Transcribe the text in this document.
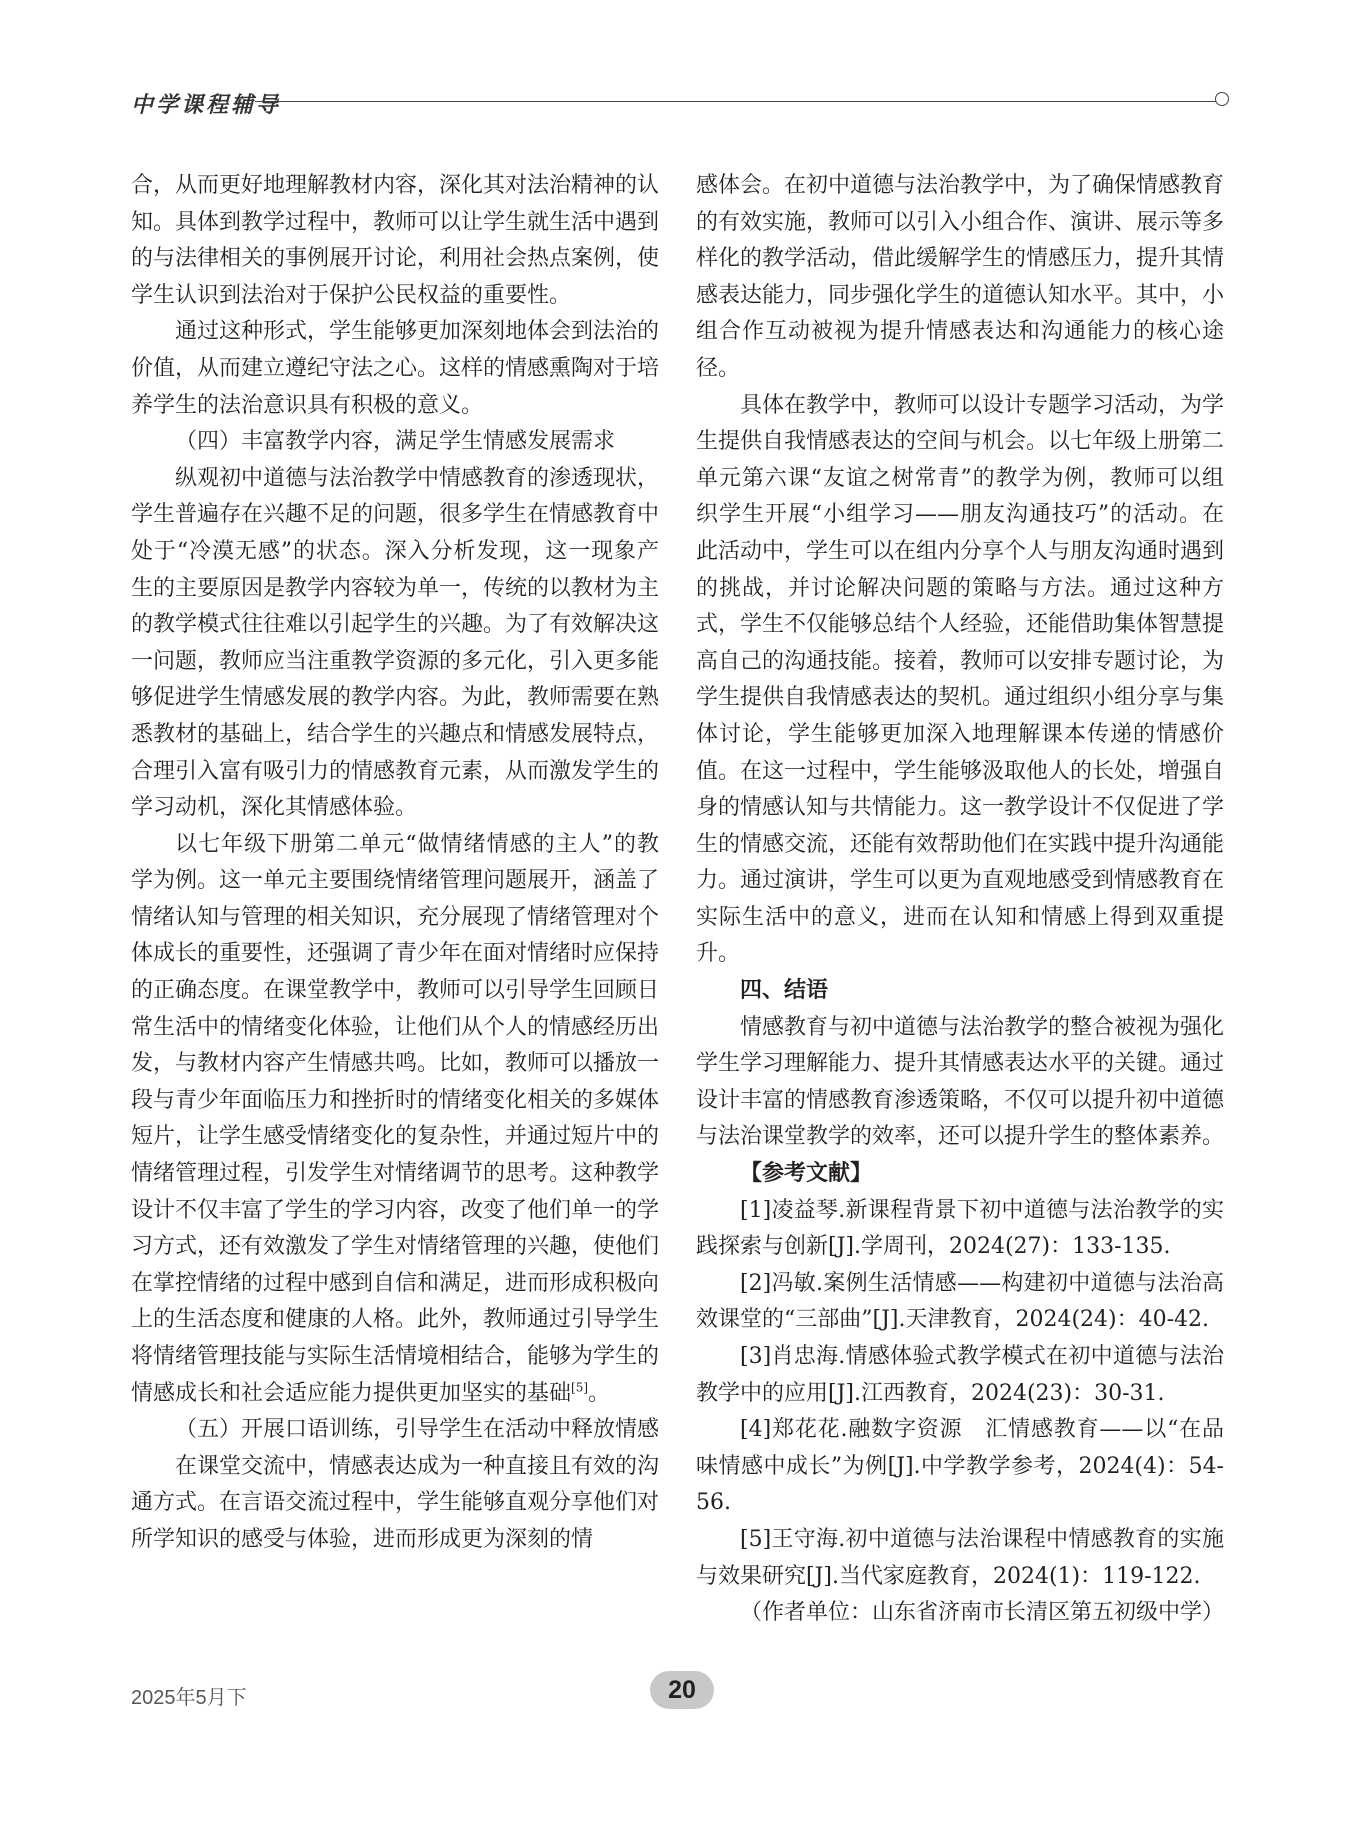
中学课程辅导

合，从而更好地理解教材内容，深化其对法治精神的认知。具体到教学过程中，教师可以让学生就生活中遇到的与法律相关的事例展开讨论，利用社会热点案例，使学生认识到法治对于保护公民权益的重要性。

通过这种形式，学生能够更加深刻地体会到法治的价值，从而建立遵纪守法之心。这样的情感熏陶对于培养学生的法治意识具有积极的意义。

（四）丰富教学内容，满足学生情感发展需求

纵观初中道德与法治教学中情感教育的渗透现状，学生普遍存在兴趣不足的问题，很多学生在情感教育中处于“冷漠无感”的状态。深入分析发现，这一现象产生的主要原因是教学内容较为单一，传统的以教材为主的教学模式往往难以引起学生的兴趣。为了有效解决这一问题，教师应当注重教学资源的多元化，引入更多能够促进学生情感发展的教学内容。为此，教师需要在熟悉教材的基础上，结合学生的兴趣点和情感发展特点，合理引入富有吸引力的情感教育元素，从而激发学生的学习动机，深化其情感体验。

以七年级下册第二单元“做情绪情感的主人”的教学为例。这一单元主要围绕情绪管理问题展开，涵盖了情绪认知与管理的相关知识，充分展现了情绪管理对个体成长的重要性，还强调了青少年在面对情绪时应保持的正确态度。在课堂教学中，教师可以引导学生回顾日常生活中的情绪变化体验，让他们从个人的情感经历出发，与教材内容产生情感共鸣。比如，教师可以播放一段与青少年面临压力和挫折时的情绪变化相关的多媒体短片，让学生感受情绪变化的复杂性，并通过短片中的情绪管理过程，引发学生对情绪调节的思考。这种教学设计不仅丰富了学生的学习内容，改变了他们单一的学习方式，还有效激发了学生对情绪管理的兴趣，使他们在掌控情绪的过程中感到自信和满足，进而形成积极向上的生活态度和健康的人格。此外，教师通过引导学生将情绪管理技能与实际生活情境相结合，能够为学生的情感成长和社会适应能力提供更加坚实的基础[5]。

（五）开展口语训练，引导学生在活动中释放情感

在课堂交流中，情感表达成为一种直接且有效的沟通方式。在言语交流过程中，学生能够直观分享他们对所学知识的感受与体验，进而形成更为深刻的情

感体会。在初中道德与法治教学中，为了确保情感教育的有效实施，教师可以引入小组合作、演讲、展示等多样化的教学活动，借此缓解学生的情感压力，提升其情感表达能力，同步强化学生的道德认知水平。其中，小组合作互动被视为提升情感表达和沟通能力的核心途径。

具体在教学中，教师可以设计专题学习活动，为学生提供自我情感表达的空间与机会。以七年级上册第二单元第六课“友谊之树常青”的教学为例，教师可以组织学生开展“小组学习——朋友沟通技巧”的活动。在此活动中，学生可以在组内分享个人与朋友沟通时遇到的挑战，并讨论解决问题的策略与方法。通过这种方式，学生不仅能够总结个人经验，还能借助集体智慧提高自己的沟通技能。接着，教师可以安排专题讨论，为学生提供自我情感表达的契机。通过组织小组分享与集体讨论，学生能够更加深入地理解课本传递的情感价值。在这一过程中，学生能够汲取他人的长处，增强自身的情感认知与共情能力。这一教学设计不仅促进了学生的情感交流，还能有效帮助他们在实践中提升沟通能力。通过演讲，学生可以更为直观地感受到情感教育在实际生活中的意义，进而在认知和情感上得到双重提升。

四、结语

情感教育与初中道德与法治教学的整合被视为强化学生学习理解能力、提升其情感表达水平的关键。通过设计丰富的情感教育渗透策略，不仅可以提升初中道德与法治课堂教学的效率，还可以提升学生的整体素养。

【参考文献】

[1]凌益琴.新课程背景下初中道德与法治教学的实践探索与创新[J].学周刊，2024(27)：133-135.

[2]冯敏.案例生活情感——构建初中道德与法治高效课堂的“三部曲”[J].天津教育，2024(24)：40-42.

[3]肖忠海.情感体验式教学模式在初中道德与法治教学中的应用[J].江西教育，2024(23)：30-31.

[4]郑花花.融数字资源　汇情感教育——以“在品味情感中成长”为例[J].中学教学参考，2024(4)：54-56.

[5]王守海.初中道德与法治课程中情感教育的实施与效果研究[J].当代家庭教育，2024(1)：119-122.

（作者单位：山东省济南市长清区第五初级中学）

2025年5月下	20
